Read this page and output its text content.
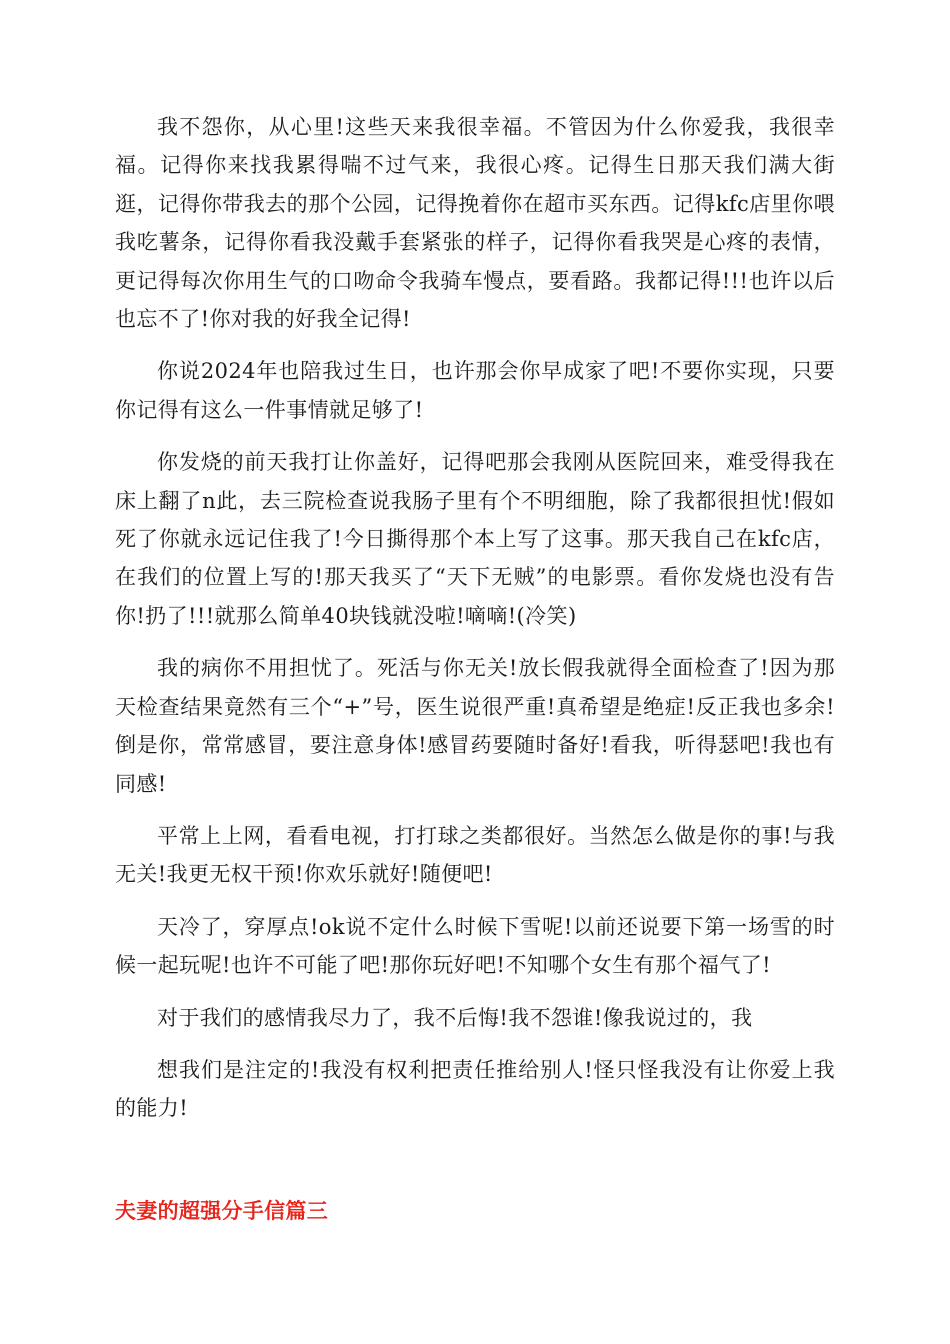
我不怨你，从心里!这些天来我很幸福。不管因为什么你爱我，我很幸福。记得你来找我累得喘不过气来，我很心疼。记得生日那天我们满大街逛，记得你带我去的那个公园，记得挽着你在超市买东西。记得kfc店里你喂我吃薯条，记得你看我没戴手套紧张的样子，记得你看我哭是心疼的表情，更记得每次你用生气的口吻命令我骑车慢点，要看路。我都记得!!!也许以后也忘不了!你对我的好我全记得!

你说2024年也陪我过生日，也许那会你早成家了吧!不要你实现，只要你记得有这么一件事情就足够了!

你发烧的前天我打让你盖好，记得吧那会我刚从医院回来，难受得我在床上翻了n此，去三院检查说我肠子里有个不明细胞，除了我都很担忧!假如死了你就永远记住我了!今日撕得那个本上写了这事。那天我自己在kfc店，在我们的位置上写的!那天我买了“天下无贼”的电影票。看你发烧也没有告你!扔了!!!就那么简单40块钱就没啦!嘀嘀!(冷笑)

我的病你不用担忧了。死活与你无关!放长假我就得全面检查了!因为那天检查结果竟然有三个“+”号，医生说很严重!真希望是绝症!反正我也多余!倒是你，常常感冒，要注意身体!感冒药要随时备好!看我，听得瑟吧!我也有同感!

平常上上网，看看电视，打打球之类都很好。当然怎么做是你的事!与我无关!我更无权干预!你欢乐就好!随便吧!

天冷了，穿厚点!ok说不定什么时候下雪呢!以前还说要下第一场雪的时候一起玩呢!也许不可能了吧!那你玩好吧!不知哪个女生有那个福气了!

对于我们的感情我尽力了，我不后悔!我不怨谁!像我说过的，我

想我们是注定的!我没有权利把责任推给别人!怪只怪我没有让你爱上我的能力!

夫妻的超强分手信篇三
